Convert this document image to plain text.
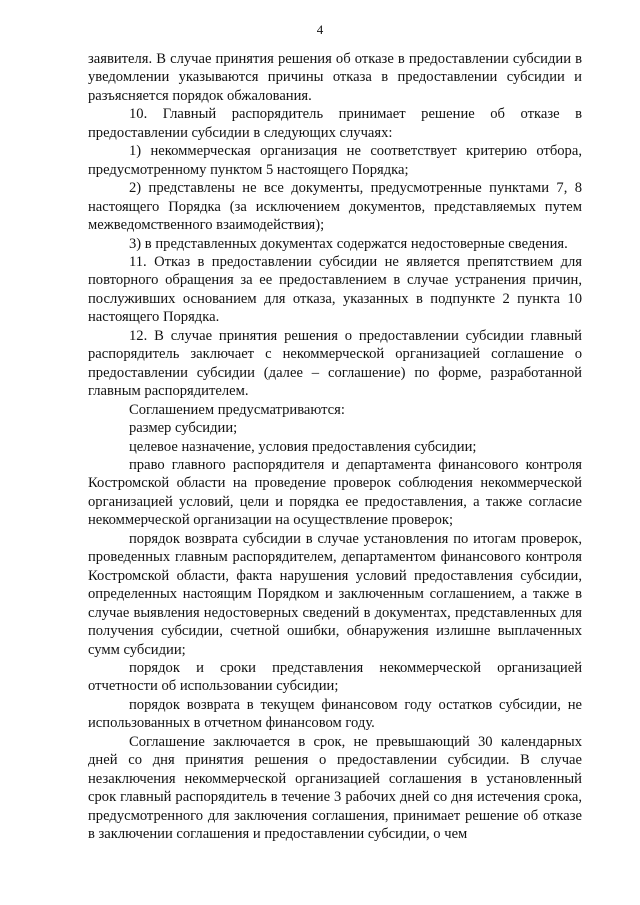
4

заявителя. В случае принятия решения об отказе в предоставлении субсидии в уведомлении указываются причины отказа в предоставлении субсидии и разъясняется порядок обжалования.

10. Главный распорядитель принимает решение об отказе в предоставлении субсидии в следующих случаях:

1) некоммерческая организация не соответствует критерию отбора, предусмотренному пунктом 5 настоящего Порядка;

2) представлены не все документы, предусмотренные пунктами 7, 8 настоящего Порядка (за исключением документов, представляемых путем межведомственного взаимодействия);

3) в представленных документах содержатся недостоверные сведения.

11. Отказ в предоставлении субсидии не является препятствием для повторного обращения за ее предоставлением в случае устранения причин, послуживших основанием для отказа, указанных в подпункте 2 пункта 10 настоящего Порядка.

12. В случае принятия решения о предоставлении субсидии главный распорядитель заключает с некоммерческой организацией соглашение о предоставлении субсидии (далее – соглашение) по форме, разработанной главным распорядителем.

Соглашением предусматриваются:

размер субсидии;

целевое назначение, условия предоставления субсидии;

право главного распорядителя и департамента финансового контроля Костромской области на проведение проверок соблюдения некоммерческой организацией условий, цели и порядка ее предоставления, а также согласие некоммерческой организации на осуществление проверок;

порядок возврата субсидии в случае установления по итогам проверок, проведенных главным распорядителем, департаментом финансового контроля Костромской области, факта нарушения условий предоставления субсидии, определенных настоящим Порядком и заключенным соглашением, а также в случае выявления недостоверных сведений в документах, представленных для получения субсидии, счетной ошибки, обнаружения излишне выплаченных сумм субсидии;

порядок и сроки представления некоммерческой организацией отчетности об использовании субсидии;

порядок возврата в текущем финансовом году остатков субсидии, не использованных в отчетном финансовом году.

Соглашение заключается в срок, не превышающий 30 календарных дней со дня принятия решения о предоставлении субсидии. В случае незаключения некоммерческой организацией соглашения в установленный срок главный распорядитель в течение 3 рабочих дней со дня истечения срока, предусмотренного для заключения соглашения, принимает решение об отказе в заключении соглашения и предоставлении субсидии, о чем
